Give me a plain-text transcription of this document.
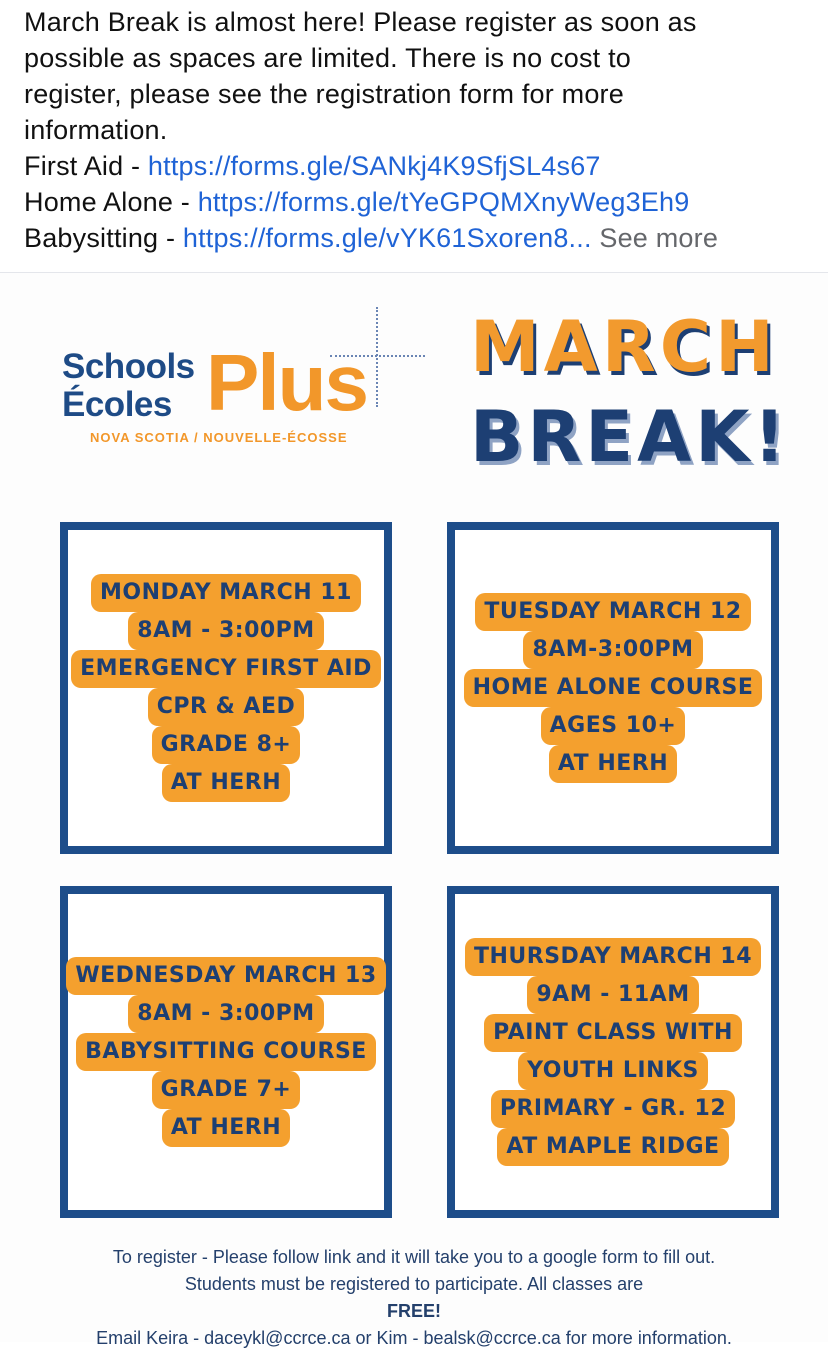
March Break is almost here! Please register as soon as
possible as spaces are limited. There is no cost to
register, please see the registration form for more
information.
First Aid - https://forms.gle/SANkj4K9SfjSL4s67
Home Alone - https://forms.gle/tYeGPQMXnyWeg3Eh9
Babysitting - https://forms.gle/vYK61Sxoren8... See more
Schools
Écoles Plus
NOVA SCOTIA / NOUVELLE-ÉCOSSE
MARCH
BREAK!
MONDAY MARCH 11
8AM - 3:00PM
EMERGENCY FIRST AID
CPR & AED
GRADE 8+
AT HERH
TUESDAY MARCH 12
8AM-3:00PM
HOME ALONE COURSE
AGES 10+
AT HERH
WEDNESDAY MARCH 13
8AM - 3:00PM
BABYSITTING COURSE
GRADE 7+
AT HERH
THURSDAY MARCH 14
9AM - 11AM
PAINT CLASS WITH
YOUTH LINKS
PRIMARY - GR. 12
AT MAPLE RIDGE
To register - Please follow link and it will take you to a google form to fill out.
Students must be registered to participate. All classes are
FREE!
Email Keira - daceykl@ccrce.ca or Kim - bealsk@ccrce.ca for more information.
